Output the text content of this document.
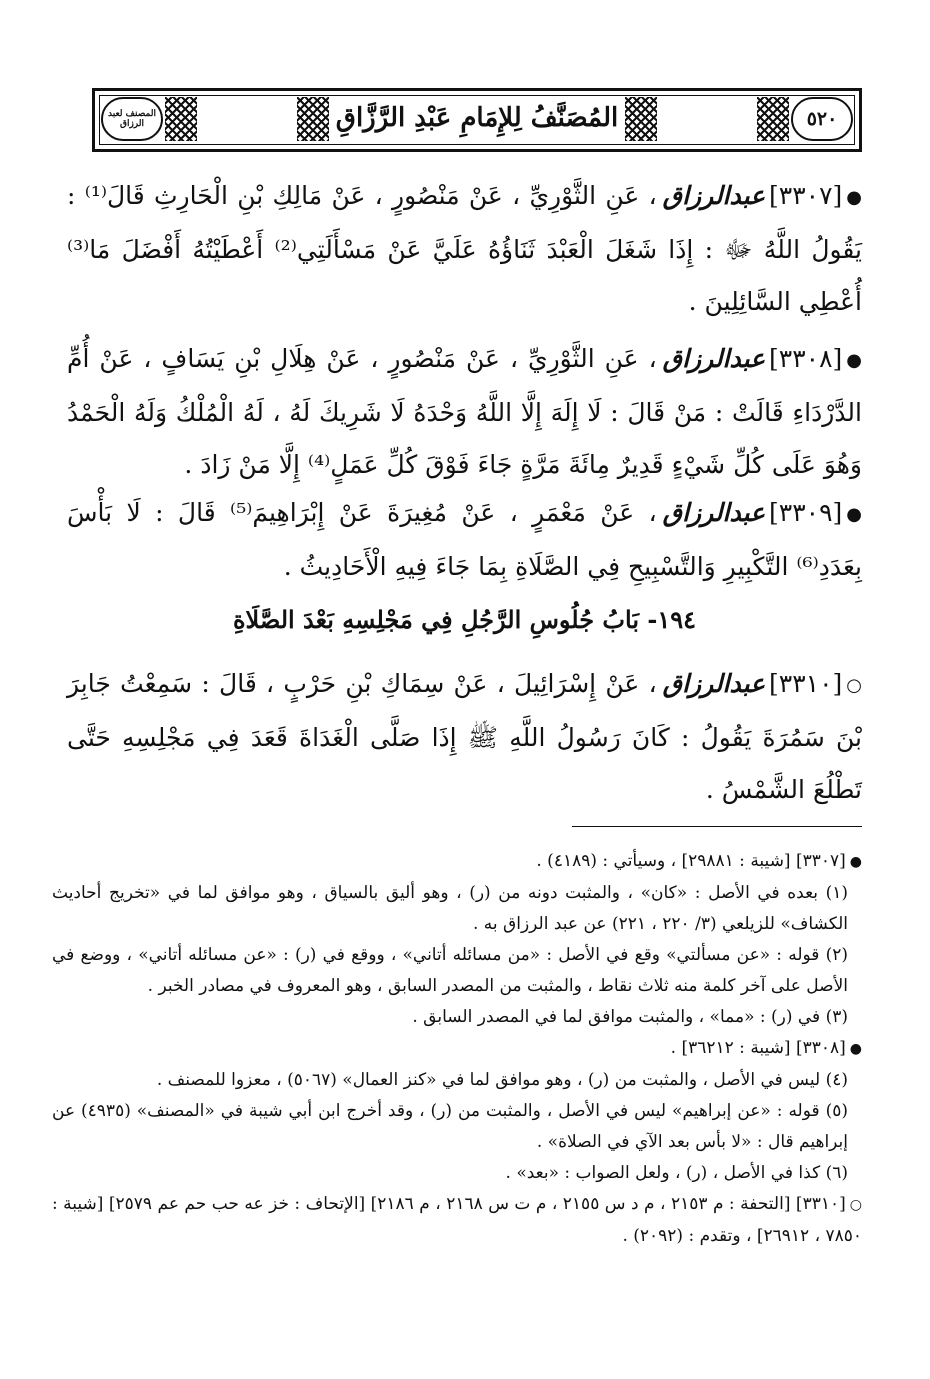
٥٢٠
المُصَنَّفُ لِلإِمَامِ عَبْدِ الرَّزَّاقِ
المصنف لعبد الرزاق

●[٣٣٠٧]عبدالرزاق، عَنِ الثَّوْرِيِّ ، عَنْ مَنْصُورٍ ، عَنْ مَالِكِ بْنِ الْحَارِثِ قَالَ⁽¹⁾ : يَقُولُ اللَّهُ ﷻ : إِذَا شَغَلَ الْعَبْدَ ثَنَاؤُهُ عَلَيَّ عَنْ مَسْأَلَتِي⁽²⁾ أَعْطَيْتُهُ أَفْضَلَ مَا⁽³⁾ أُعْطِي السَّائِلِينَ .

●[٣٣٠٨]عبدالرزاق، عَنِ الثَّوْرِيِّ ، عَنْ مَنْصُورٍ ، عَنْ هِلَالِ بْنِ يَسَافٍ ، عَنْ أُمِّ الدَّرْدَاءِ قَالَتْ : مَنْ قَالَ : لَا إِلَهَ إِلَّا اللَّهُ وَحْدَهُ لَا شَرِيكَ لَهُ ، لَهُ الْمُلْكُ وَلَهُ الْحَمْدُ وَهُوَ عَلَى كُلِّ شَيْءٍ قَدِيرٌ مِائَةَ مَرَّةٍ جَاءَ فَوْقَ كُلِّ عَمَلٍ⁽⁴⁾ إِلَّا مَنْ زَادَ .

●[٣٣٠٩]عبدالرزاق، عَنْ مَعْمَرٍ ، عَنْ مُغِيرَةَ عَنْ إِبْرَاهِيمَ⁽⁵⁾ قَالَ : لَا بَأْسَ بِعَدَدِ⁽⁶⁾ التَّكْبِيرِ وَالتَّسْبِيحِ فِي الصَّلَاةِ بِمَا جَاءَ فِيهِ الْأَحَادِيثُ .

١٩٤- بَابُ جُلُوسِ الرَّجُلِ فِي مَجْلِسِهِ بَعْدَ الصَّلَاةِ

○[٣٣١٠]عبدالرزاق، عَنْ إِسْرَائِيلَ ، عَنْ سِمَاكِ بْنِ حَرْبٍ ، قَالَ : سَمِعْتُ جَابِرَ بْنَ سَمُرَةَ يَقُولُ : كَانَ رَسُولُ اللَّهِ ﷺ إِذَا صَلَّى الْغَدَاةَ قَعَدَ فِي مَجْلِسِهِ حَتَّى تَطْلُعَ الشَّمْسُ .

●[٣٣٠٧] [شيبة : ٢٩٨٨١] ، وسيأتي : (٤١٨٩) .

(١) بعده في الأصل : «كان» ، والمثبت دونه من (ر) ، وهو أليق بالسياق ، وهو موافق لما في «تخريج أحاديث الكشاف» للزيلعي (٣/ ٢٢٠ ، ٢٢١) عن عبد الرزاق به .

(٢) قوله : «عن مسألتي» وقع في الأصل : «من مسائله أتاني» ، ووقع في (ر) : «عن مسائله أتاني» ، ووضع في الأصل على آخر كلمة منه ثلاث نقاط ، والمثبت من المصدر السابق ، وهو المعروف في مصادر الخبر .

(٣) في (ر) : «مما» ، والمثبت موافق لما في المصدر السابق .

●[٣٣٠٨] [شيبة : ٣٦٢١٢] .

(٤) ليس في الأصل ، والمثبت من (ر) ، وهو موافق لما في «كنز العمال» (٥٠٦٧) ، معزوا للمصنف .

(٥) قوله : «عن إبراهيم» ليس في الأصل ، والمثبت من (ر) ، وقد أخرج ابن أبي شيبة في «المصنف» (٤٩٣٥) عن إبراهيم قال : «لا بأس بعد الآي في الصلاة» .

(٦) كذا في الأصل ، (ر) ، ولعل الصواب : «بعد» .

○[٣٣١٠] [التحفة : م ٢١٥٣ ، م د س ٢١٥٥ ، م ت س ٢١٦٨ ، م ٢١٨٦] [الإتحاف : خز عه حب حم عم ٢٥٧٩] [شيبة : ٧٨٥٠ ، ٢٦٩١٢] ، وتقدم : (٢٠٩٢) .
